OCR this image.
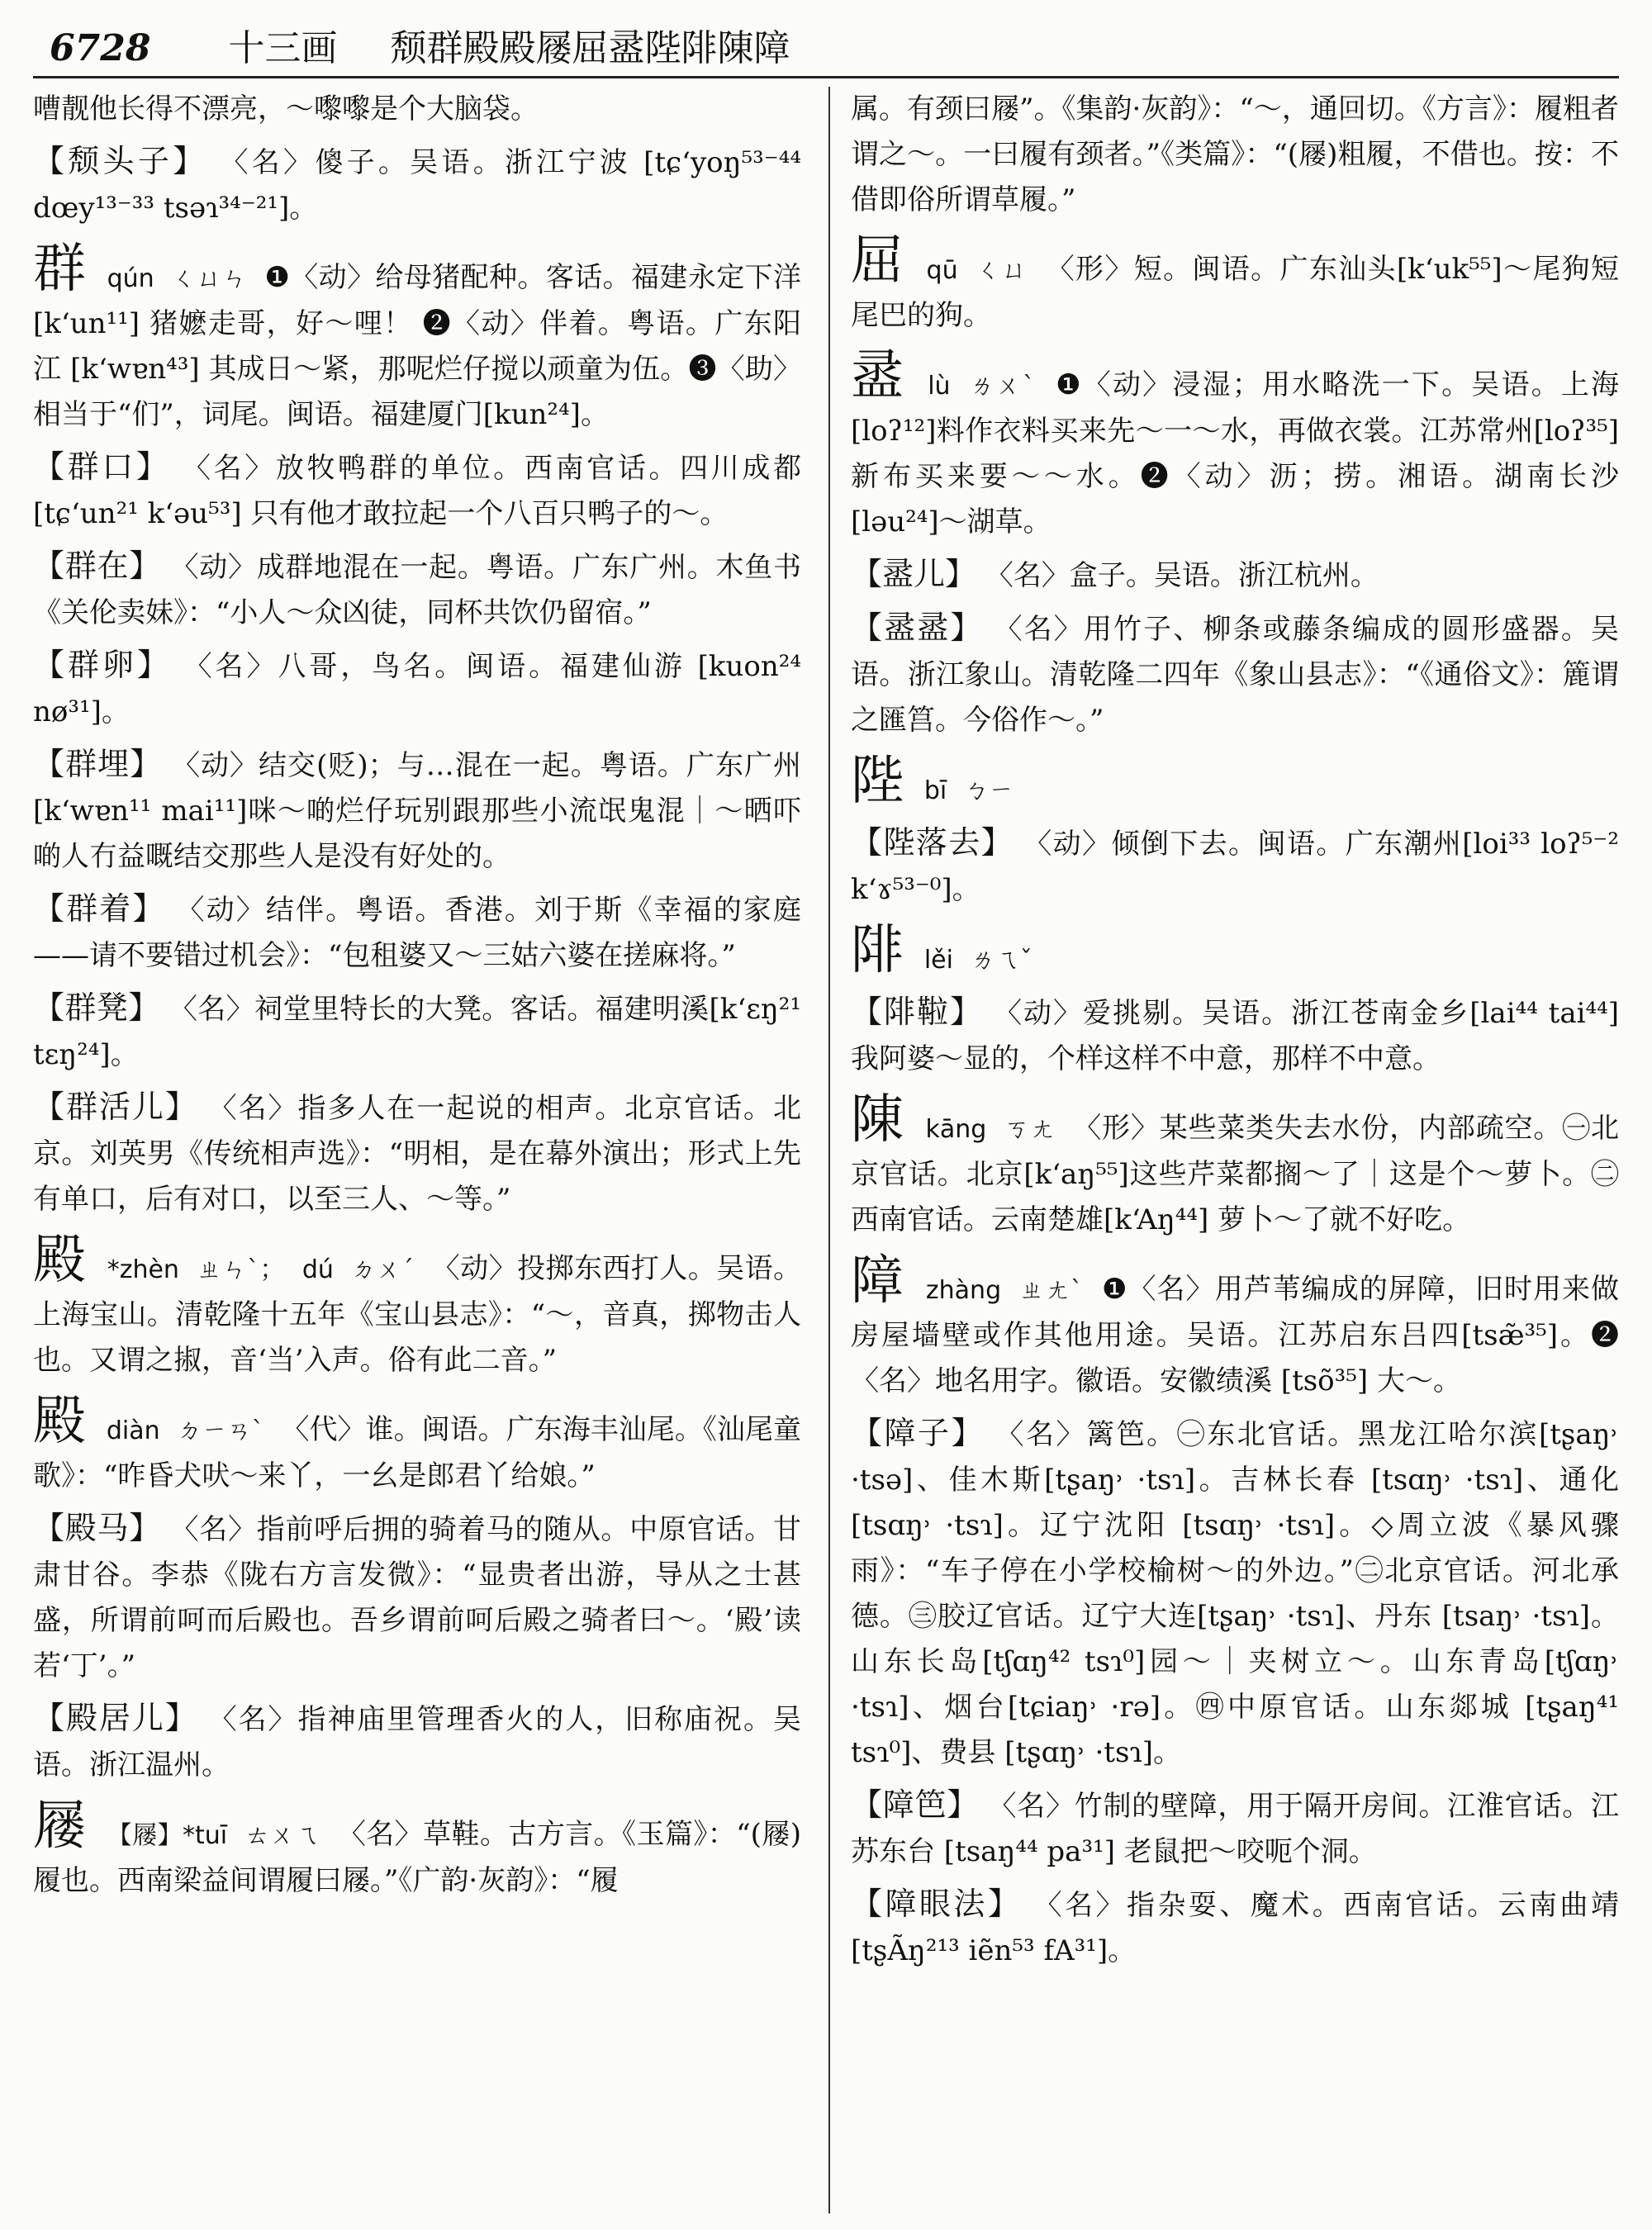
6728 十三画 颓群殿殿屦屈盝陛陫陳障

嘈靓他长得不漂亮，～嚟嚟是个大脑袋。

【颓头子】 〈名〉傻子。吴语。浙江宁波 [tɕʻyoŋ⁵³⁻⁴⁴ dœy¹³⁻³³ tsəɿ³⁴⁻²¹]。

群 qún ㄑㄩㄣ ❶〈动〉给母猪配种。客话。福建永定下洋[kʻun¹¹] 猪嬷走哥，好～哩！ ❷〈动〉伴着。粤语。广东阳江 [kʻwɐn⁴³] 其成日～紧，那呢烂仔搅以顽童为伍。❸〈助〉相当于“们”，词尾。闽语。福建厦门[kun²⁴]。

【群口】 〈名〉放牧鸭群的单位。西南官话。四川成都[tɕʻun²¹ kʻəu⁵³] 只有他才敢拉起一个八百只鸭子的～。

【群在】 〈动〉成群地混在一起。粤语。广东广州。木鱼书《关伦卖妹》：“小人～众凶徒，同杯共饮仍留宿。”

【群卵】 〈名〉八哥，鸟名。闽语。福建仙游 [kuon²⁴ nø³¹]。

【群埋】 〈动〉结交(贬)；与…混在一起。粤语。广东广州[kʻwɐn¹¹ mai¹¹]咪～啲烂仔玩别跟那些小流氓鬼混｜～晒吓啲人冇益嘅结交那些人是没有好处的。

【群着】 〈动〉结伴。粤语。香港。刘于斯《幸福的家庭——请不要错过机会》：“包租婆又～三姑六婆在搓麻将。”

【群凳】 〈名〉祠堂里特长的大凳。客话。福建明溪[kʻɛŋ²¹ tɛŋ²⁴]。

【群活儿】 〈名〉指多人在一起说的相声。北京官话。北京。刘英男《传统相声选》：“明相，是在幕外演出；形式上先有单口，后有对口，以至三人、～等。”

殿 *zhèn ㄓㄣˋ； dú ㄉㄨˊ 〈动〉投掷东西打人。吴语。上海宝山。清乾隆十五年《宝山县志》：“～，音真，掷物击人也。又谓之掓，音‘当’入声。俗有此二音。”

殿 diàn ㄉㄧㄢˋ 〈代〉谁。闽语。广东海丰汕尾。《汕尾童歌》：“昨昏犬吠～来丫，一幺是郎君丫给娘。”

【殿马】 〈名〉指前呼后拥的骑着马的随从。中原官话。甘肃甘谷。李恭《陇右方言发微》：“显贵者出游，导从之士甚盛，所谓前呵而后殿也。吾乡谓前呵后殿之骑者曰～。‘殿’读若‘丁’。”

【殿居儿】 〈名〉指神庙里管理香火的人，旧称庙祝。吴语。浙江温州。

屦 【屦】*tuī ㄊㄨㄟ 〈名〉草鞋。古方言。《玉篇》：“(屦)履也。西南梁益间谓履曰屦。”《广韵·灰韵》：“履

属。有颈曰屦”。《集韵·灰韵》：“～，通回切。《方言》：履粗者谓之～。一曰履有颈者。”《类篇》：“(屦)粗履，不借也。按：不借即俗所谓草履。”

屈 qū ㄑㄩ 〈形〉短。闽语。广东汕头[kʻuk⁵⁵]～尾狗短尾巴的狗。

盝 lù ㄌㄨˋ ❶〈动〉浸湿；用水略洗一下。吴语。上海[loʔ¹²]料作衣料买来先～一～水，再做衣裳。江苏常州[loʔ³⁵]新布买来要～～水。❷〈动〉沥；捞。湘语。湖南长沙 [ləu²⁴]～湖草。

【盝儿】 〈名〉盒子。吴语。浙江杭州。

【盝盝】 〈名〉用竹子、柳条或藤条编成的圆形盛器。吴语。浙江象山。清乾隆二四年《象山县志》：“《通俗文》：簏谓之匯筥。今俗作～。”

陛 bī ㄅㄧ

【陛落去】 〈动〉倾倒下去。闽语。广东潮州[loi³³ loʔ⁵⁻² kʻɤ⁵³⁻⁰]。

陫 lěi ㄌㄟˇ

【陫鞡】 〈动〉爱挑剔。吴语。浙江苍南金乡[lai⁴⁴ tai⁴⁴] 我阿婆～显的，个样这样不中意，那样不中意。

陳 kāng ㄎㄤ 〈形〉某些菜类失去水份，内部疏空。㊀北京官话。北京[kʻaŋ⁵⁵]这些芹菜都搁～了｜这是个～萝卜。㊁西南官话。云南楚雄[kʻAŋ⁴⁴] 萝卜～了就不好吃。

障 zhàng ㄓㄤˋ ❶〈名〉用芦苇编成的屏障，旧时用来做房屋墙壁或作其他用途。吴语。江苏启东吕四[tsæ̃³⁵]。❷〈名〉地名用字。徽语。安徽绩溪 [tsõ³⁵] 大～。

【障子】 〈名〉篱笆。㊀东北官话。黑龙江哈尔滨[tʂaŋ˒ ·tsə]、佳木斯[tʂaŋ˒ ·tsɿ]。吉林长春 [tsɑŋ˒ ·tsɿ]、通化[tsɑŋ˒ ·tsɿ]。辽宁沈阳 [tsɑŋ˒ ·tsɿ]。◇周立波《暴风骤雨》：“车子停在小学校榆树～的外边。”㊁北京官话。河北承德。㊂胶辽官话。辽宁大连[tʂaŋ˒ ·tsɿ]、丹东 [tsaŋ˒ ·tsɿ]。山东长岛[tʃɑŋ⁴² tsɿ⁰]园～｜夹树立～。山东青岛[tʃɑŋ˒ ·tsɿ]、烟台[tɕiaŋ˒ ·rə]。㊃中原官话。山东郯城 [tʂaŋ⁴¹ tsɿ⁰]、费县 [tʂɑŋ˒ ·tsɿ]。

【障笆】 〈名〉竹制的壁障，用于隔开房间。江淮官话。江苏东台 [tsaŋ⁴⁴ pa³¹] 老鼠把～咬呃个洞。

【障眼法】 〈名〉指杂耍、魔术。西南官话。云南曲靖[tʂÃŋ²¹³ iẽn⁵³ fA³¹]。
